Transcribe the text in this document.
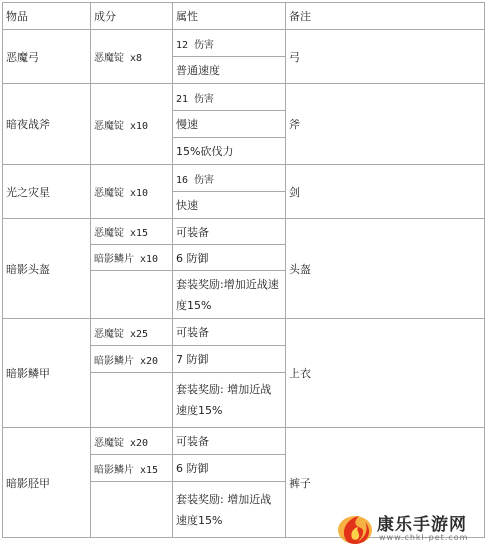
物品	成分	属性	备注
恶魔弓	恶魔锭 x8	12 伤害	弓
		普通速度	
暗夜战斧	恶魔锭 x10	21 伤害	斧
		慢速	
		15%砍伐力	
光之灾星	恶魔锭 x10	16 伤害	剑
		快速	
暗影头盔	恶魔锭 x15	可装备	头盔
	暗影鳞片 x10	6 防御	
		套装奖励:增加近战速度15%	
暗影鳞甲	恶魔锭 x25	可装备	上衣
	暗影鳞片 x20	7 防御	
		套装奖励: 增加近战速度15%	
暗影胫甲	恶魔锭 x20	可装备	裤子
	暗影鳞片 x15	6 防御	
		套装奖励: 增加近战速度15%		康乐手游网
www.chkl-pet.com
